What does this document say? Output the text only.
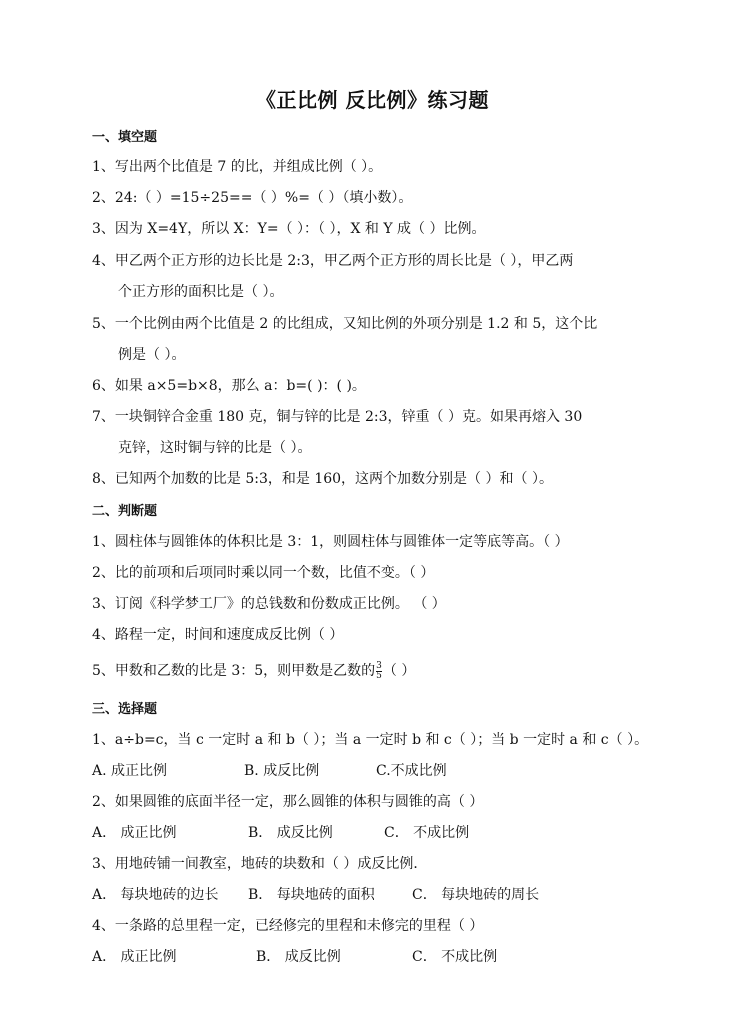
《正比例 反比例》练习题
一、填空题
1、写出两个比值是 7 的比，并组成比例（ ）。
2、24:（ ）=15÷25==（ ）%=（ ）（填小数）。
3、因为 X=4Y，所以 X：Y=（ ）：（ ），X 和 Y 成（ ）比例。
4、甲乙两个正方形的边长比是 2:3，甲乙两个正方形的周长比是（ ），甲乙两
个正方形的面积比是（ ）。
5、一个比例由两个比值是 2 的比组成，又知比例的外项分别是 1.2 和 5，这个比
例是（ ）。
6、如果 a×5=b×8，那么 a：b=( )：( )。
7、一块铜锌合金重 180 克，铜与锌的比是 2:3，锌重（ ）克。如果再熔入 30
克锌，这时铜与锌的比是（ ）。
8、已知两个加数的比是 5:3，和是 160，这两个加数分别是（ ）和（ ）。
二、判断题
1、圆柱体与圆锥体的体积比是 3：1，则圆柱体与圆锥体一定等底等高。（ ）
2、比的前项和后项同时乘以同一个数，比值不变。（ ）
3、订阅《科学梦工厂》的总钱数和份数成正比例。 （ ）
4、路程一定，时间和速度成反比例（ ）
5、甲数和乙数的比是 3：5，则甲数是乙数的 $\frac{3}{5}$ （ ）
三、选择题
1、a÷b=c，当 c 一定时 a 和 b（ ）；当 a 一定时 b 和 c（ ）；当 b 一定时 a 和 c（ ）。
A. 成正比例	B. 成反比例	C.不成比例
2、如果圆锥的底面半径一定，那么圆锥的体积与圆锥的高（ ）
A． 成正比例	B． 成反比例	C． 不成比例
3、用地砖铺一间教室，地砖的块数和（ ）成反比例．
A． 每块地砖的边长 B． 每块地砖的面积	C． 每块地砖的周长
4、一条路的总里程一定，已经修完的里程和未修完的里程（ ）
A． 成正比例	B． 成反比例	C． 不成比例
